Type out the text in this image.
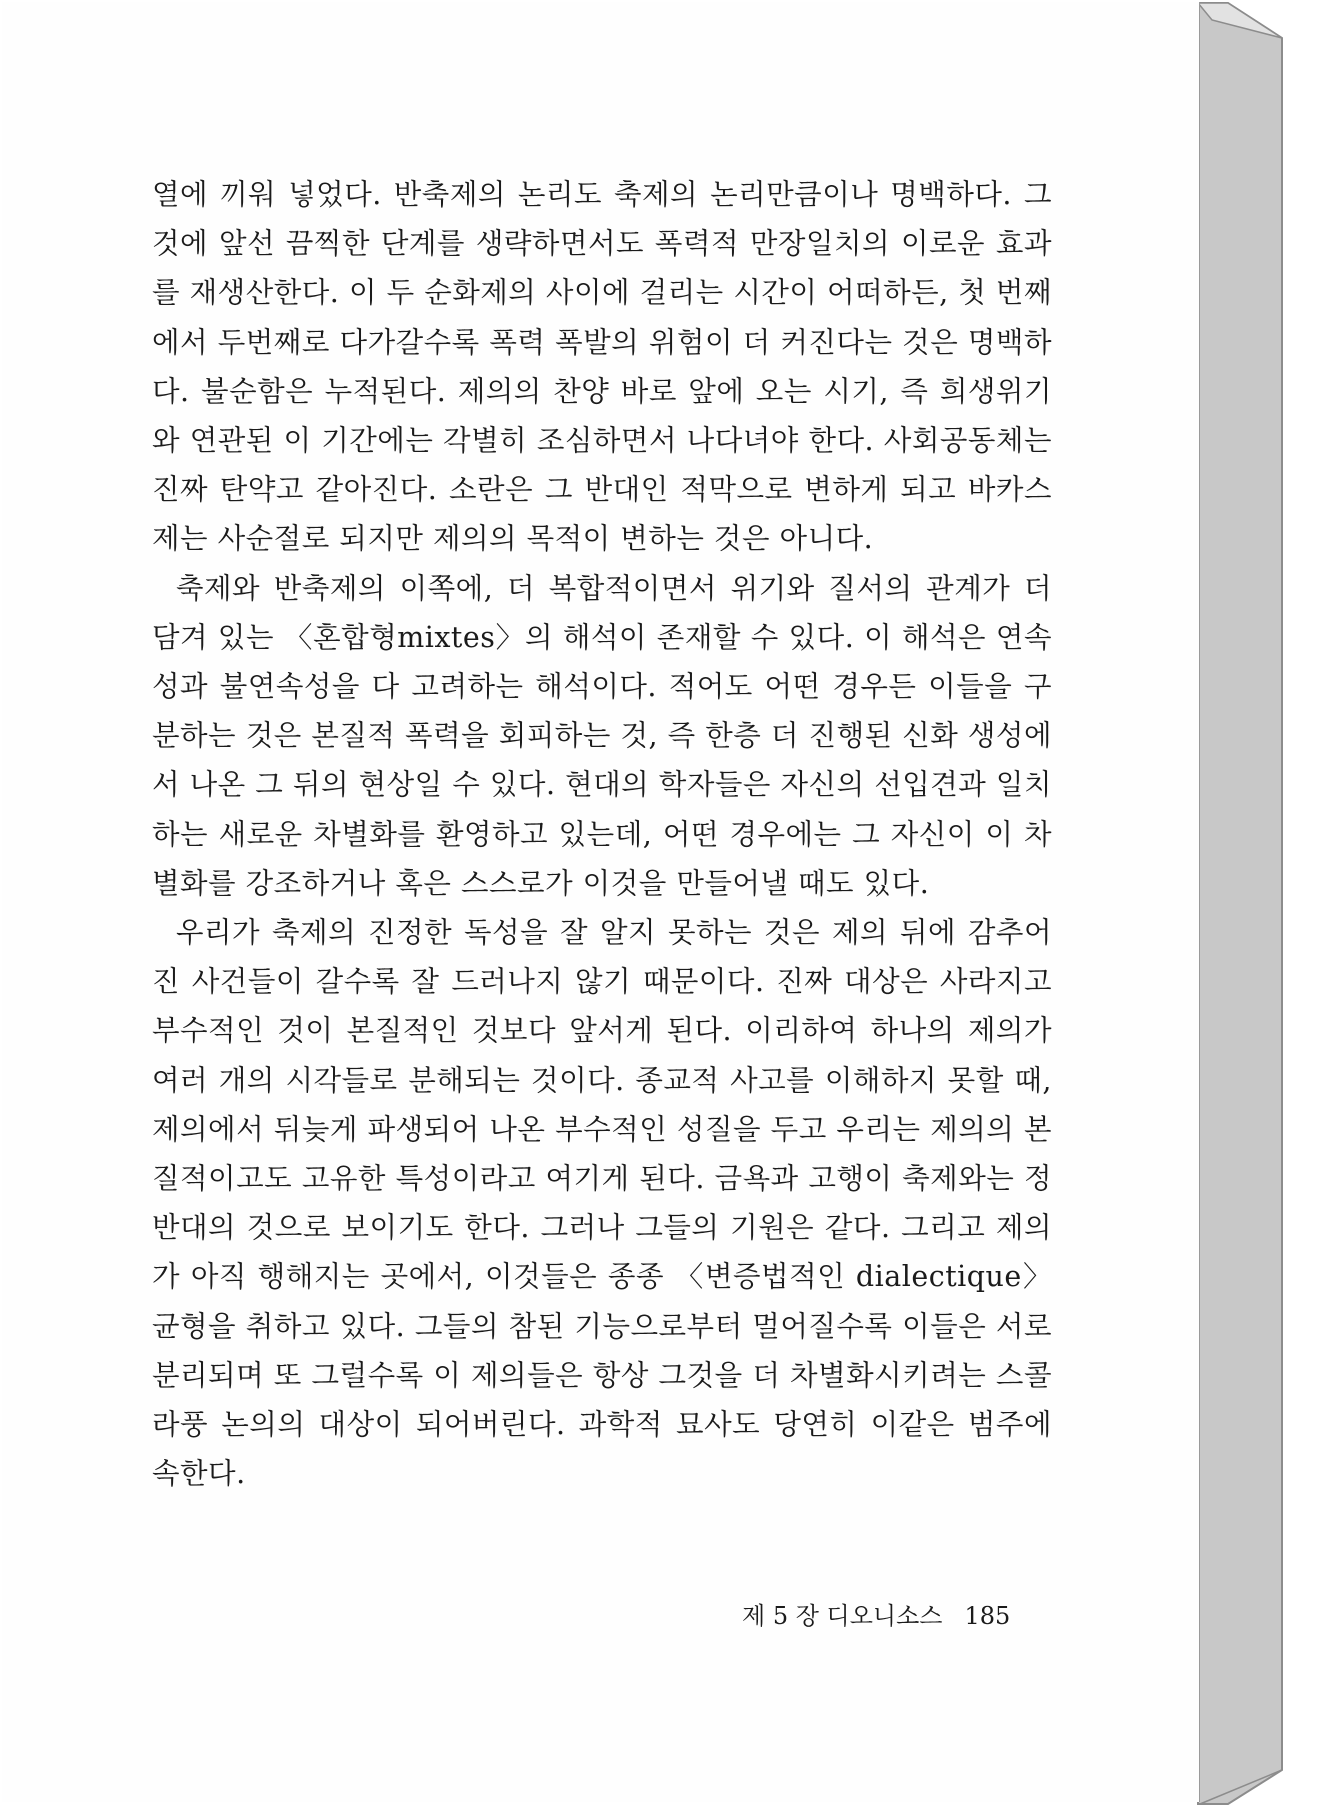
열에 끼워 넣었다. 반축제의 논리도 축제의 논리만큼이나 명백하다. 그것에 앞선 끔찍한 단계를 생략하면서도 폭력적 만장일치의 이로운 효과를 재생산한다. 이 두 순화제의 사이에 걸리는 시간이 어떠하든, 첫 번째에서 두번째로 다가갈수록 폭력 폭발의 위험이 더 커진다는 것은 명백하다. 불순함은 누적된다. 제의의 찬양 바로 앞에 오는 시기, 즉 희생위기와 연관된 이 기간에는 각별히 조심하면서 나다녀야 한다. 사회공동체는 진짜 탄약고 같아진다. 소란은 그 반대인 적막으로 변하게 되고 바카스제는 사순절로 되지만 제의의 목적이 변하는 것은 아니다.

축제와 반축제의 이쪽에, 더 복합적이면서 위기와 질서의 관계가 더 담겨 있는 〈혼합형mixtes〉의 해석이 존재할 수 있다. 이 해석은 연속성과 불연속성을 다 고려하는 해석이다. 적어도 어떤 경우든 이들을 구분하는 것은 본질적 폭력을 회피하는 것, 즉 한층 더 진행된 신화 생성에서 나온 그 뒤의 현상일 수 있다. 현대의 학자들은 자신의 선입견과 일치하는 새로운 차별화를 환영하고 있는데, 어떤 경우에는 그 자신이 이 차별화를 강조하거나 혹은 스스로가 이것을 만들어낼 때도 있다.

우리가 축제의 진정한 독성을 잘 알지 못하는 것은 제의 뒤에 감추어진 사건들이 갈수록 잘 드러나지 않기 때문이다. 진짜 대상은 사라지고 부수적인 것이 본질적인 것보다 앞서게 된다. 이리하여 하나의 제의가 여러 개의 시각들로 분해되는 것이다. 종교적 사고를 이해하지 못할 때, 제의에서 뒤늦게 파생되어 나온 부수적인 성질을 두고 우리는 제의의 본질적이고도 고유한 특성이라고 여기게 된다. 금욕과 고행이 축제와는 정반대의 것으로 보이기도 한다. 그러나 그들의 기원은 같다. 그리고 제의가 아직 행해지는 곳에서, 이것들은 종종 〈변증법적인 dialectique〉 균형을 취하고 있다. 그들의 참된 기능으로부터 멀어질수록 이들은 서로 분리되며 또 그럴수록 이 제의들은 항상 그것을 더 차별화시키려는 스콜라풍 논의의 대상이 되어버린다. 과학적 묘사도 당연히 이같은 범주에 속한다.

제 5 장 디오니소스 185
